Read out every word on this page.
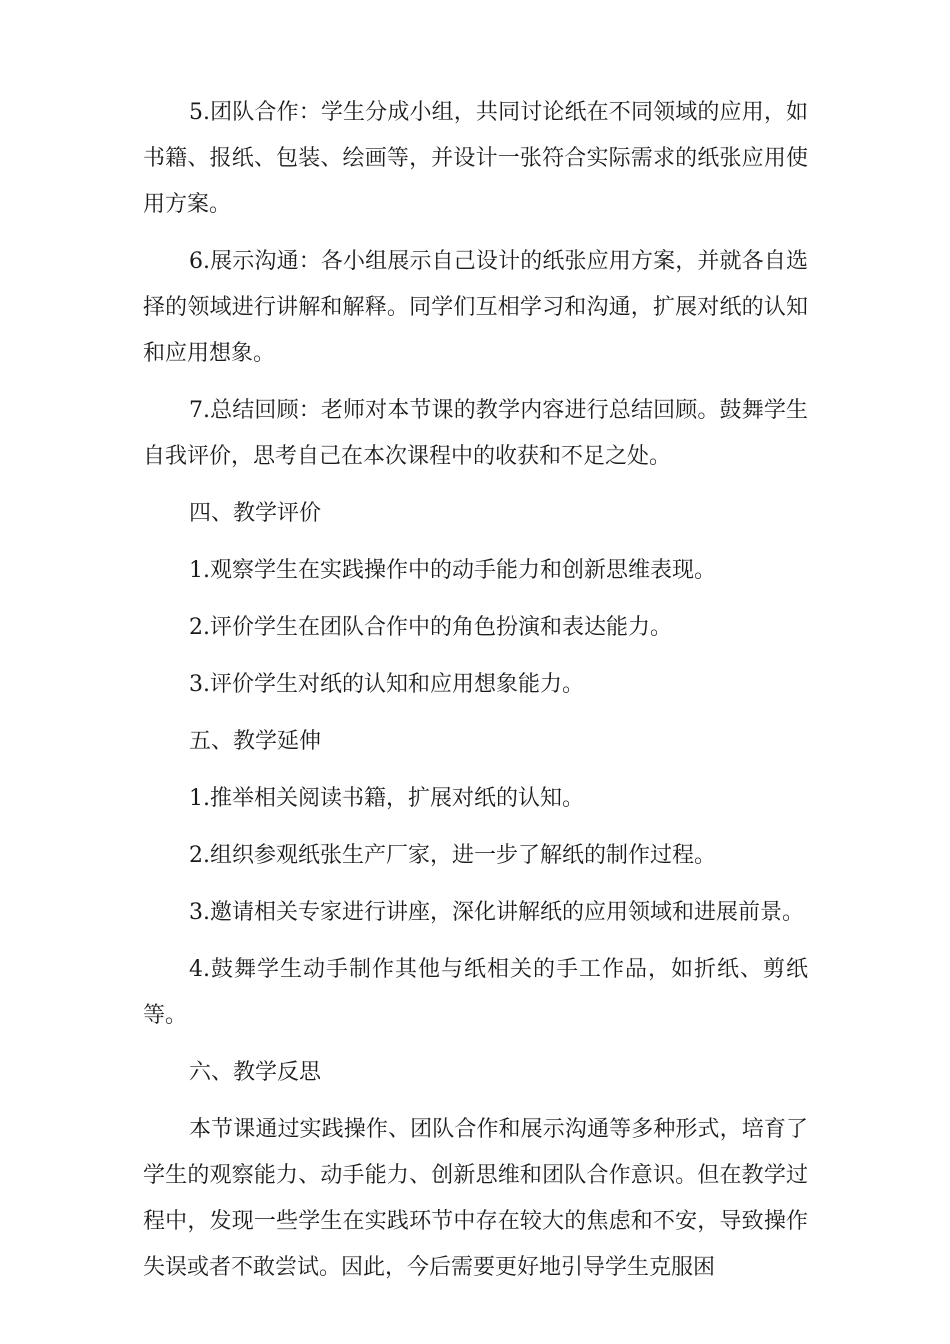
5.团队合作：学生分成小组，共同讨论纸在不同领域的应用，如书籍、报纸、包装、绘画等，并设计一张符合实际需求的纸张应用使用方案。

6.展示沟通：各小组展示自己设计的纸张应用方案，并就各自选择的领域进行讲解和解释。同学们互相学习和沟通，扩展对纸的认知和应用想象。

7.总结回顾：老师对本节课的教学内容进行总结回顾。鼓舞学生自我评价，思考自己在本次课程中的收获和不足之处。

四、教学评价

1.观察学生在实践操作中的动手能力和创新思维表现。

2.评价学生在团队合作中的角色扮演和表达能力。

3.评价学生对纸的认知和应用想象能力。

五、教学延伸

1.推举相关阅读书籍，扩展对纸的认知。

2.组织参观纸张生产厂家，进一步了解纸的制作过程。

3.邀请相关专家进行讲座，深化讲解纸的应用领域和进展前景。

4.鼓舞学生动手制作其他与纸相关的手工作品，如折纸、剪纸等。

六、教学反思

本节课通过实践操作、团队合作和展示沟通等多种形式，培育了学生的观察能力、动手能力、创新思维和团队合作意识。但在教学过程中，发现一些学生在实践环节中存在较大的焦虑和不安，导致操作失误或者不敢尝试。因此，今后需要更好地引导学生克服困
